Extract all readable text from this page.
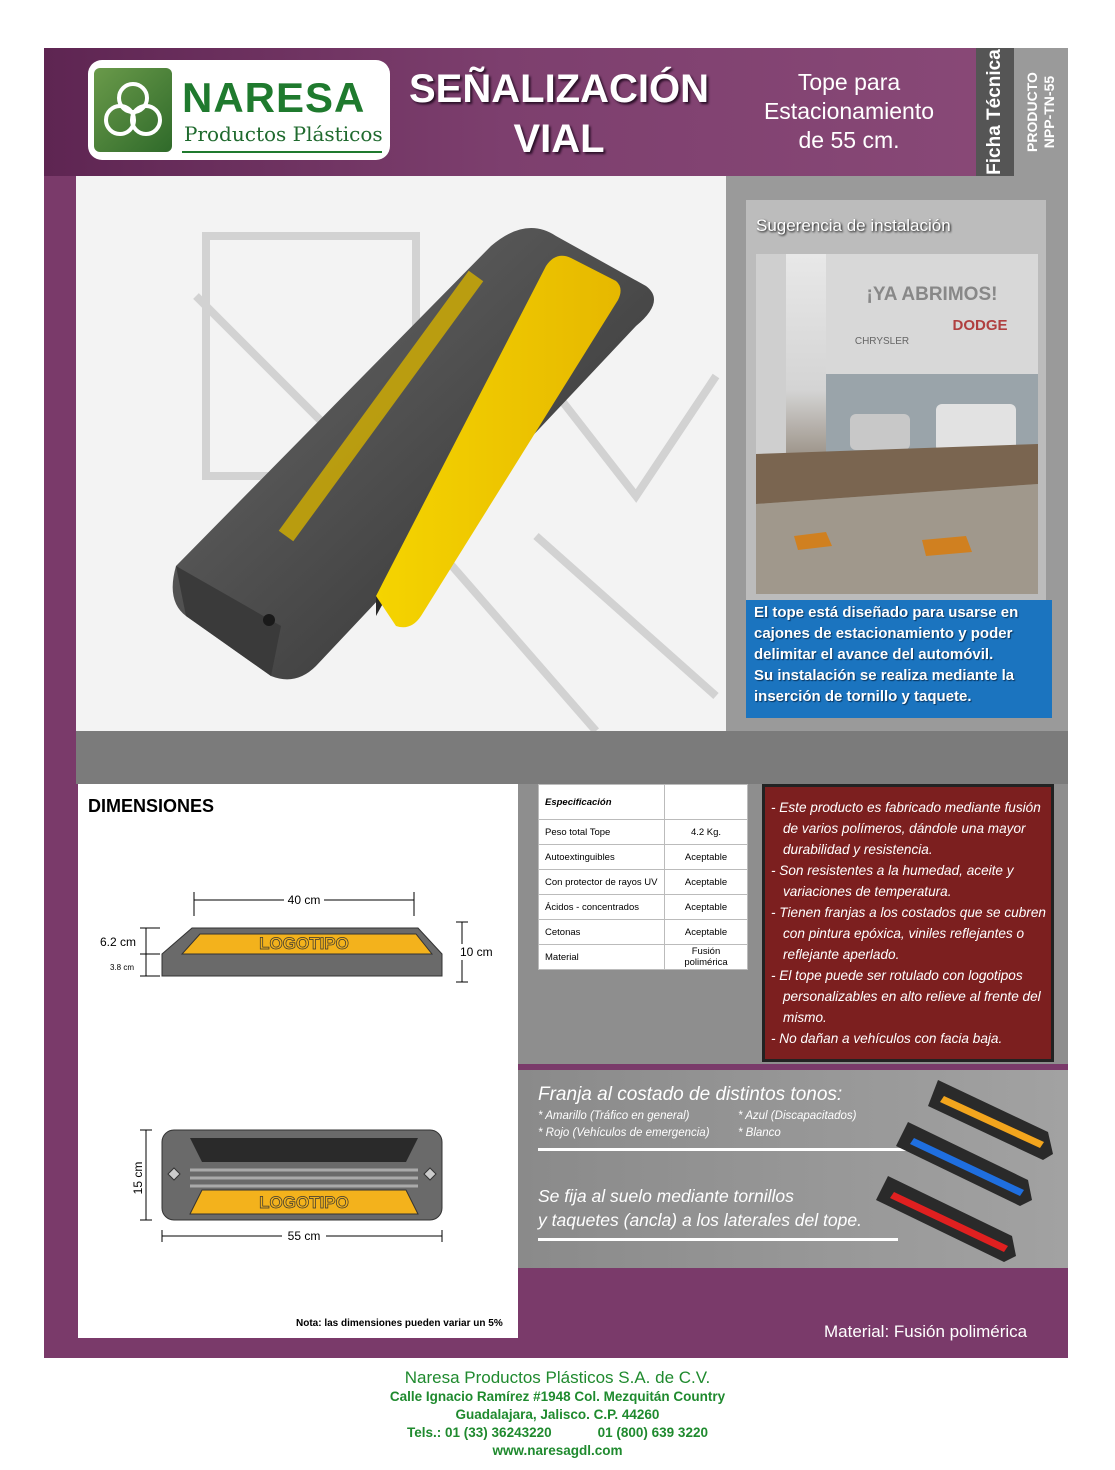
NARESA
Productos Plásticos
SEÑALIZACIÓN
VIAL
Tope para
Estacionamiento
de 55 cm.	Ficha Técnica	PRODUCTO NPP-TN-55
Sugerencia de instalación
¡YA ABRIMOS!
CHRYSLER
DODGE
El tope está diseñado para usarse en
cajones de estacionamiento y poder
delimitar el avance del automóvil.
Su instalación se realiza mediante la
inserción de tornillo y taquete.
DIMENSIONES
40 cm
LOGOTIPO
6.2 cm
3.8 cm
10 cm
LOGOTIPO
15 cm
55 cm
Nota: las dimensiones pueden variar un 5%
Especificación	
Peso total Tope	4.2 Kg.
Autoextinguibles	Aceptable
Con protector de rayos UV	Aceptable
Ácidos - concentrados	Aceptable
Cetonas	Aceptable
Material	Fusión polimérica
- Este producto es fabricado mediante fusión de varios polímeros, dándole una mayor durabilidad y resistencia.
- Son resistentes a la humedad, aceite y variaciones de temperatura.
- Tienen franjas a los costados que se cubren con pintura epóxica, viniles reflejantes o reflejante aperlado.
- El tope puede ser rotulado con logotipos personalizables en alto relieve al frente del mismo.
- No dañan a vehículos con facia baja.
Franja al costado de distintos tonos:
* Amarillo (Tráfico en general)	* Azul (Discapacitados)
* Rojo (Vehículos de emergencia) * Blanco
Se fija al suelo mediante tornillos
y taquetes (ancla) a los laterales del tope.
Material: Fusión polimérica
Naresa Productos Plásticos S.A. de C.V.
Calle Ignacio Ramírez #1948 Col. Mezquitán Country
Guadalajara, Jalisco. C.P. 44260
Tels.: 01 (33) 36243220	01 (800) 639 3220
www.naresagdl.com
